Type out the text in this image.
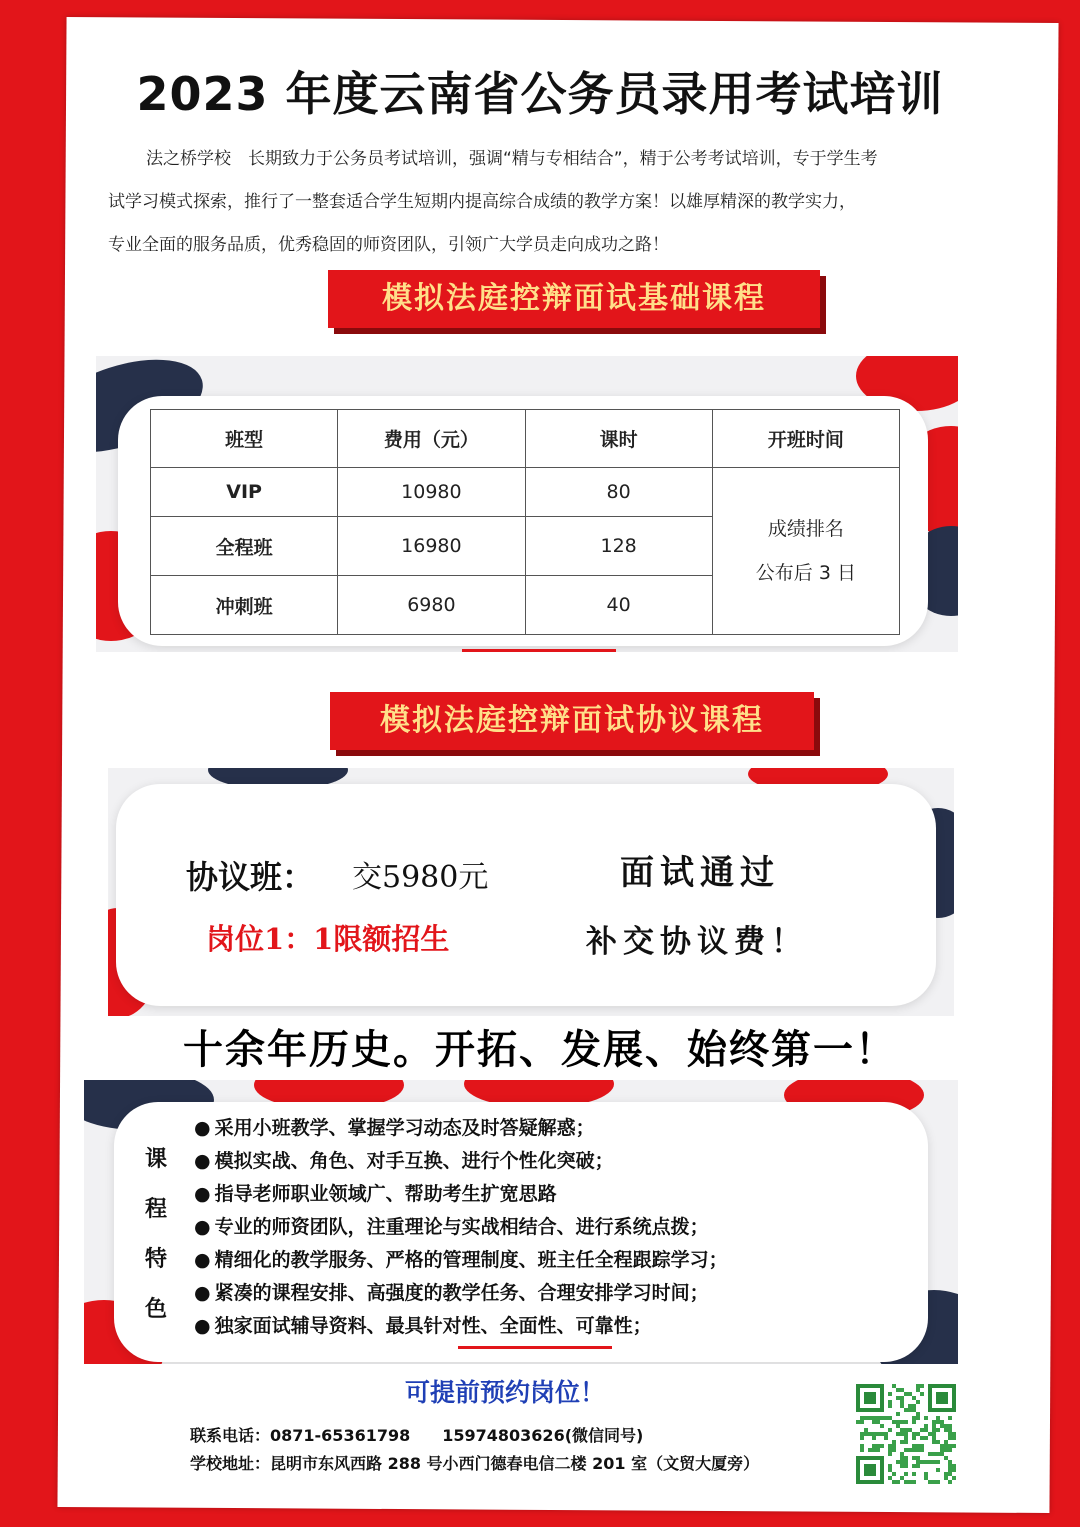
2023 年度云南省公务员录用考试培训

法之桥学校　长期致力于公务员考试培训，强调“精与专相结合”，精于公考考试培训，专于学生考

试学习模式探索，推行了一整套适合学生短期内提高综合成绩的教学方案！以雄厚精深的教学实力，

专业全面的服务品质，优秀稳固的师资团队，引领广大学员走向成功之路！

模拟法庭控辩面试基础课程
班型	费用（元）	课时	开班时间
VIP	10980	80	成绩排名
公布后 3 日

全程班	16980	128	
冲刺班	6980	40	
模拟法庭控辩面试协议课程
协议班： 交5980元	面试通过
岗位1：1限额招生	补交协议费！
十余年历史。开拓、发展、始终第一！
课
程
特
色
● 采用小班教学、掌握学习动态及时答疑解惑；
● 模拟实战、角色、对手互换、进行个性化突破；
● 指导老师职业领域广、帮助考生扩宽思路
● 专业的师资团队，注重理论与实战相结合、进行系统点拨；
● 精细化的教学服务、严格的管理制度、班主任全程跟踪学习；
● 紧凑的课程安排、高强度的教学任务、合理安排学习时间；
● 独家面试辅导资料、最具针对性、全面性、可靠性；
可提前预约岗位！
联系电话：0871-65361798　　15974803626(微信同号)
学校地址：昆明市东风西路 288 号小西门德春电信二楼 201 室（文贸大厦旁）
